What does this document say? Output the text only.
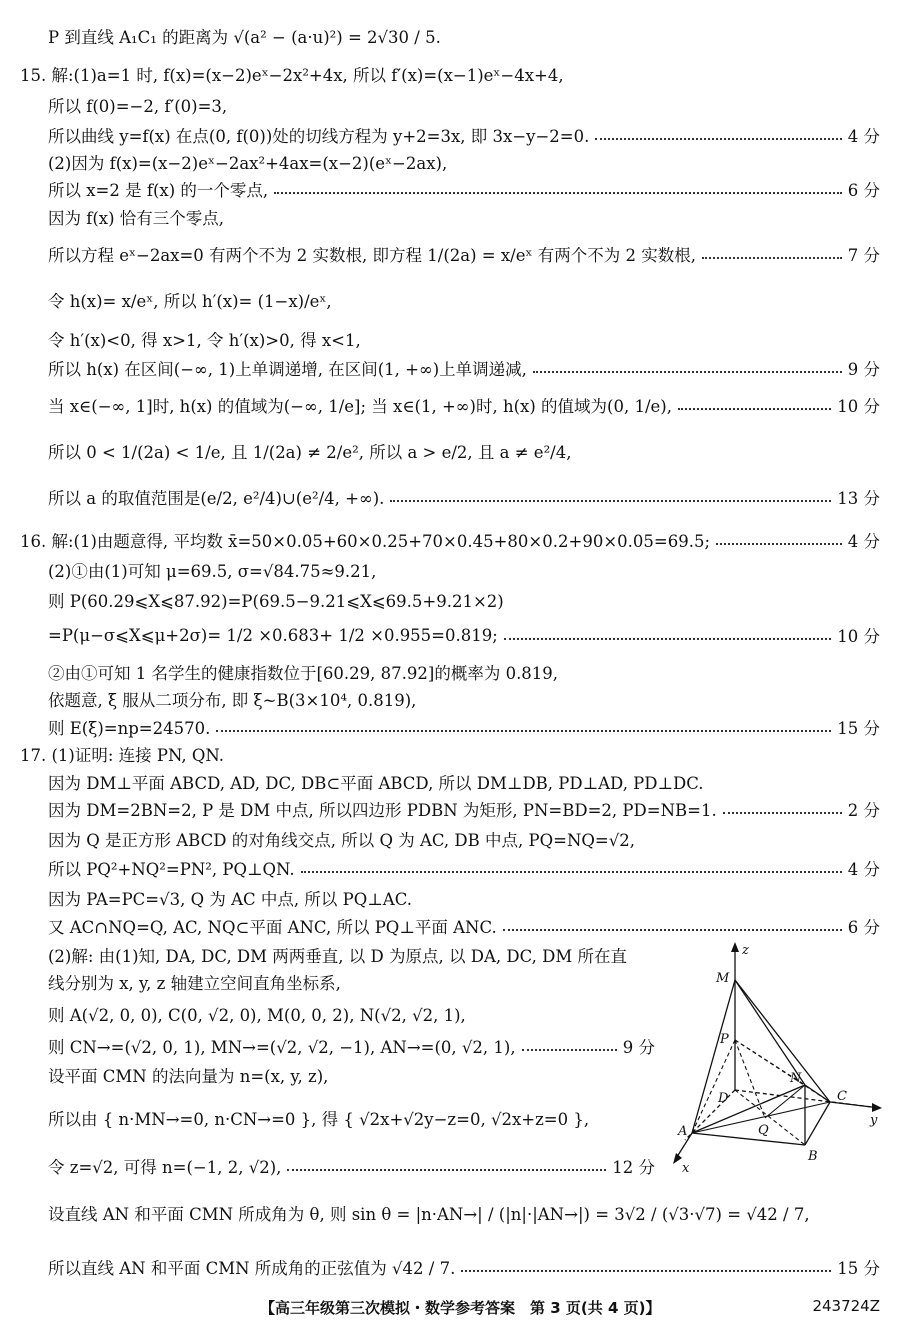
P 到直线 A₁C₁ 的距离为 √(a² − (a·u)²) = 2√30 / 5.
15. 解:(1)a=1 时, f(x)=(x−2)eˣ−2x²+4x, 所以 f′(x)=(x−1)eˣ−4x+4,
所以 f(0)=−2, f′(0)=3,
所以曲线 y=f(x) 在点(0, f(0))处的切线方程为 y+2=3x, 即 3x−y−2=0.	4 分
(2)因为 f(x)=(x−2)eˣ−2ax²+4ax=(x−2)(eˣ−2ax),
所以 x=2 是 f(x) 的一个零点,	6 分
因为 f(x) 恰有三个零点,
所以方程 eˣ−2ax=0 有两个不为 2 实数根, 即方程 1/(2a) = x/eˣ 有两个不为 2 实数根,	7 分
令 h(x)= x/eˣ, 所以 h′(x)= (1−x)/eˣ,
令 h′(x)<0, 得 x>1, 令 h′(x)>0, 得 x<1,
所以 h(x) 在区间(−∞, 1)上单调递增, 在区间(1, +∞)上单调递减,	9 分
当 x∈(−∞, 1]时, h(x) 的值域为(−∞, 1/e]; 当 x∈(1, +∞)时, h(x) 的值域为(0, 1/e),	10 分
所以 0 < 1/(2a) < 1/e, 且 1/(2a) ≠ 2/e², 所以 a > e/2, 且 a ≠ e²/4,
所以 a 的取值范围是(e/2, e²/4)∪(e²/4, +∞).	13 分
16. 解:(1)由题意得, 平均数 x̄=50×0.05+60×0.25+70×0.45+80×0.2+90×0.05=69.5;	4 分
(2)①由(1)可知 μ=69.5, σ=√84.75≈9.21,
则 P(60.29⩽X⩽87.92)=P(69.5−9.21⩽X⩽69.5+9.21×2)
=P(μ−σ⩽X⩽μ+2σ)= 1/2 ×0.683+ 1/2 ×0.955=0.819;	10 分
②由①可知 1 名学生的健康指数位于[60.29, 87.92]的概率为 0.819,
依题意, ξ 服从二项分布, 即 ξ~B(3×10⁴, 0.819),
则 E(ξ)=np=24570.	15 分
17. (1)证明: 连接 PN, QN.
因为 DM⊥平面 ABCD, AD, DC, DB⊂平面 ABCD, 所以 DM⊥DB, PD⊥AD, PD⊥DC.
因为 DM=2BN=2, P 是 DM 中点, 所以四边形 PDBN 为矩形, PN=BD=2, PD=NB=1.	2 分
因为 Q 是正方形 ABCD 的对角线交点, 所以 Q 为 AC, DB 中点, PQ=NQ=√2,
所以 PQ²+NQ²=PN², PQ⊥QN.	4 分
因为 PA=PC=√3, Q 为 AC 中点, 所以 PQ⊥AC.
又 AC∩NQ=Q, AC, NQ⊂平面 ANC, 所以 PQ⊥平面 ANC.	6 分
(2)解: 由(1)知, DA, DC, DM 两两垂直, 以 D 为原点, 以 DA, DC, DM 所在直
线分别为 x, y, z 轴建立空间直角坐标系,
则 A(√2, 0, 0), C(0, √2, 0), M(0, 0, 2), N(√2, √2, 1),
则 CN→=(√2, 0, 1), MN→=(√2, √2, −1), AN→=(0, √2, 1),	9 分
设平面 CMN 的法向量为 n=(x, y, z),
所以由 { n·MN→=0, n·CN→=0 }, 得 { √2x+√2y−z=0, √2x+z=0 },
令 z=√2, 可得 n=(−1, 2, √2),	12 分
设直线 AN 和平面 CMN 所成角为 θ, 则 sin θ = |n·AN→| / (|n|·|AN→|) = 3√2 / (√3·√7) = √42 / 7,
所以直线 AN 和平面 CMN 所成角的正弦值为 √42 / 7.	15 分
z
M
P
N
D	C
y
A	Q
B
x
【高三年级第三次模拟・数学参考答案　第 3 页(共 4 页)】	243724Z
